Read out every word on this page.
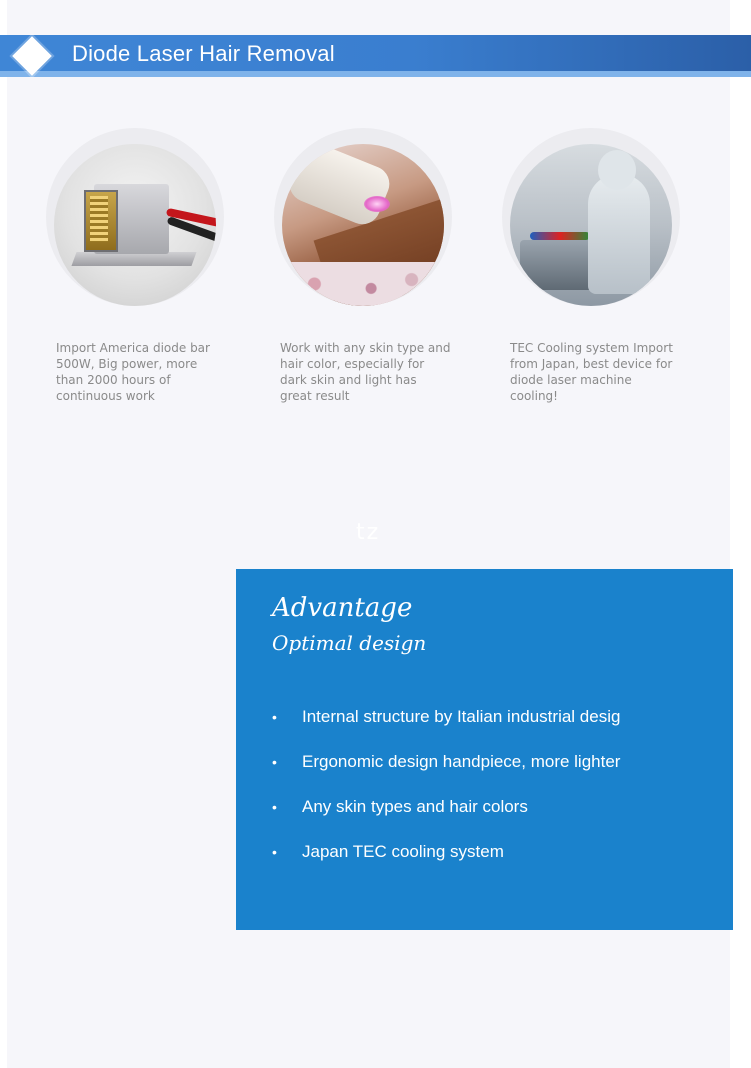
Diode Laser Hair Removal
Import America diode bar 500W, Big power, more than 2000 hours of continuous work
Work with any skin type and hair color, especially for dark skin and light has great result
TEC Cooling system Import from Japan, best device for diode laser machine cooling!
tz
Advantage
Optimal design
• Internal structure by Italian industrial desig
• Ergonomic design handpiece, more lighter
• Any skin types and hair colors
• Japan TEC cooling system
